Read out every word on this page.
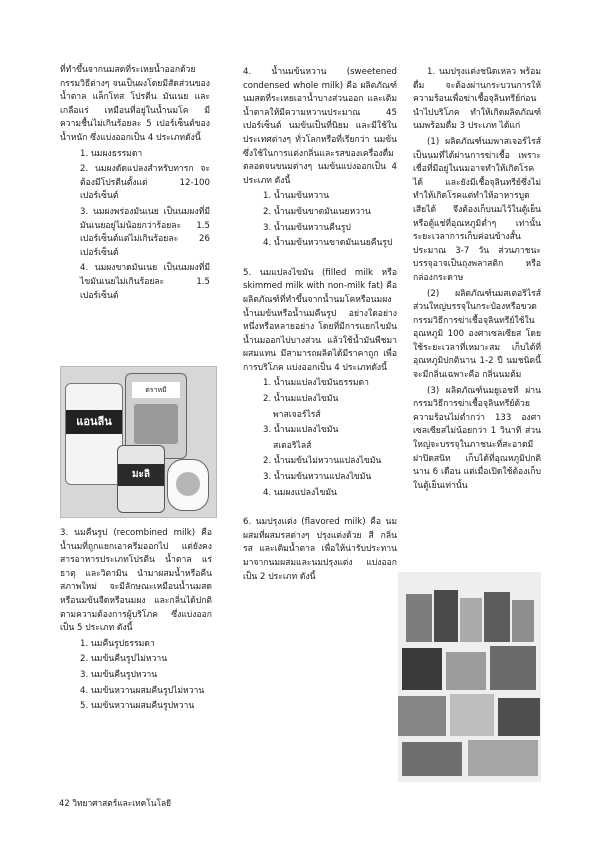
ที่ทำขึ้นจากนมสดที่ระเหยน้ำออกด้วยกรรมวิธีต่างๆ จนเป็นผงโดยมีสัดส่วนของน้ำตาล แล็กโทส โปรตีน มันเนย และเกลือแร่ เหมือนที่อยู่ในน้ำนมโค มีความชื้นไม่เกินร้อยละ 5 เปอร์เซ็นต์ของน้ำหนัก ซึ่งแบ่งออกเป็น 4 ประเภทดังนี้

1. นมผงธรรมดา

2. นมผงดัดแปลงสำหรับทารก จะต้องมีโปรตีนตั้งแต่ 12-100 เปอร์เซ็นต์

3. นมผงพร่องมันเนย เป็นนมผงที่มีมันเนยอยู่ไม่น้อยกว่าร้อยละ 1.5 เปอร์เซ็นต์แต่ไม่เกินร้อยละ 26 เปอร์เซ็นต์

4. นมผงขาดมันเนย เป็นนมผงที่มีไขมันเนยไม่เกินร้อยละ 1.5 เปอร์เซ็นต์

แอนลีน
ตราหมี
มะลิ

3. นมคืนรูป (recombined milk) คือ น้ำนมที่ถูกแยกเอาครีมออกไป แต่ยังคงสารอาหารประเภทโปรตีน น้ำตาล แร่ธาตุ และวิตามิน นำมาผสมน้ำหรือคืนสภาพใหม่ จะมีลักษณะเหมือนน้ำนมสด หรือนมข้นจืดหรือนมผง และกลิ่นได้ปกติ ตามความต้องการผู้บริโภค ซึ่งแบ่งออกเป็น 5 ประเภท ดังนี้

1. นมคืนรูปธรรมดา

2. นมข้นคืนรูปไม่หวาน

3. นมข้นคืนรูปหวาน

4. นมข้นหวานผสมคืนรูปไม่หวาน

5. นมข้นหวานผสมคืนรูปหวาน

4. น้ำนมข้นหวาน (sweetened condensed whole milk) คือ ผลิตภัณฑ์นมสดที่ระเหยเอาน้ำบางส่วนออก และเติมน้ำตาลให้มีความหวานประมาณ 45 เปอร์เซ็นต์ นมข้นเป็นที่นิยม และมีใช้ในประเทศต่างๆ ทั่วโลกหรือที่เรียกว่า นมข้น ซึ่งใช้ในการแต่งกลิ่นและรสของเครื่องดื่ม ตลอดจนขนมต่างๆ นมข้นแบ่งออกเป็น 4 ประเภท ดังนี้

1. น้ำนมข้นหวาน

2. น้ำนมข้นขาดมันเนยหวาน

3. น้ำนมข้นหวานคืนรูป

4. น้ำนมข้นหวานขาดมันเนยคืนรูป

5. นมแปลงไขมัน (filled milk หรือ skimmed milk with non-milk fat) คือ ผลิตภัณฑ์ที่ทำขึ้นจากน้ำนมโคหรือนมผง น้ำนมข้นหรือน้ำนมคืนรูป อย่างใดอย่างหนึ่งหรือหลายอย่าง โดยที่มีการแยกไขมันน้ำนมออกไปบางส่วน แล้วใช้น้ำมันพืชมาผสมแทน มีสามารถผลิตได้มีราคาถูก เพื่อการบริโภค แบ่งออกเป็น 4 ประเภทดังนี้

1. น้ำนมแปลงไขมันธรรมดา

2. น้ำนมแปลงไขมัน

พาสเจอร์ไรส์

3. น้ำนมแปลงไขมัน

สเตอริไลส์

2. น้ำนมข้นไม่หวานแปลงไขมัน

3. น้ำนมข้นหวานแปลงไขมัน

4. นมผงแปลงไขมัน

6. นมปรุงแต่ง (flavored milk) คือ นมผสมที่ผสมรสต่างๆ ปรุงแต่งด้วย สี กลิ่น รส และเติมน้ำตาล เพื่อให้น่ารับประทาน มาจากนมผสมและนมปรุงแต่ง แบ่งออกเป็น 2 ประเภท ดังนี้

1. นมปรุงแต่งชนิดเหลว พร้อมดื่ม จะต้องผ่านกระบวนการให้ความร้อนเพื่อฆ่าเชื้อจุลินทรีย์ก่อนนำไปบริโภค ทำให้เกิดผลิตภัณฑ์นมพร้อมดื่ม 3 ประเภท ได้แก่

(1) ผลิตภัณฑ์นมพาสเจอร์ไรส์ เป็นนมที่ได้ผ่านการฆ่าเชื้อ เพราะเชื่อที่มีอยู่ในนมอาจทำให้เกิดโรคได้ และยังมีเชื้อจุลินทรีย์ซึ่งไม่ทำให้เกิดโรคแต่ทำให้อาหารบูดเสียได้ จึงต้องเก็บนมไว้ในตู้เย็นหรือตู้แช่ที่อุณหภูมิต่ำๆ เท่านั้น ระยะเวลาการเก็บค่อนข้างสั้นประมาณ 3-7 วัน ส่วนภาชนะบรรจุอาจเป็นถุงพลาสติก หรือกล่องกระดาษ

(2) ผลิตภัณฑ์นมสเตอริไรส์ ส่วนใหญ่บรรจุในกระป๋องหรือขวด กรรมวิธีการฆ่าเชื้อจุลินทรีย์ใช้ในอุณหภูมิ 100 องศาเซลเซียส โดยใช้ระยะเวลาที่เหมาะสม เก็บได้ที่อุณหภูมิปกตินาน 1-2 ปี นมชนิดนี้จะมีกลิ่นเฉพาะคือ กลิ่นนมต้ม

(3) ผลิตภัณฑ์นมยูเอชที ผ่านกรรมวิธีการฆ่าเชื้อจุลินทรีย์ด้วยความร้อนไม่ต่ำกว่า 133 องศาเซลเซียสไม่น้อยกว่า 1 วินาที ส่วนใหญ่จะบรรจุในภาชนะที่สะอาดมีฝาปิดสนิท เก็บได้ที่อุณหภูมิปกตินาน 6 เดือน แต่เมื่อเปิดใช้ต้องเก็บในตู้เย็นเท่านั้น

42 วิทยาศาสตร์และเทคโนโลยี
